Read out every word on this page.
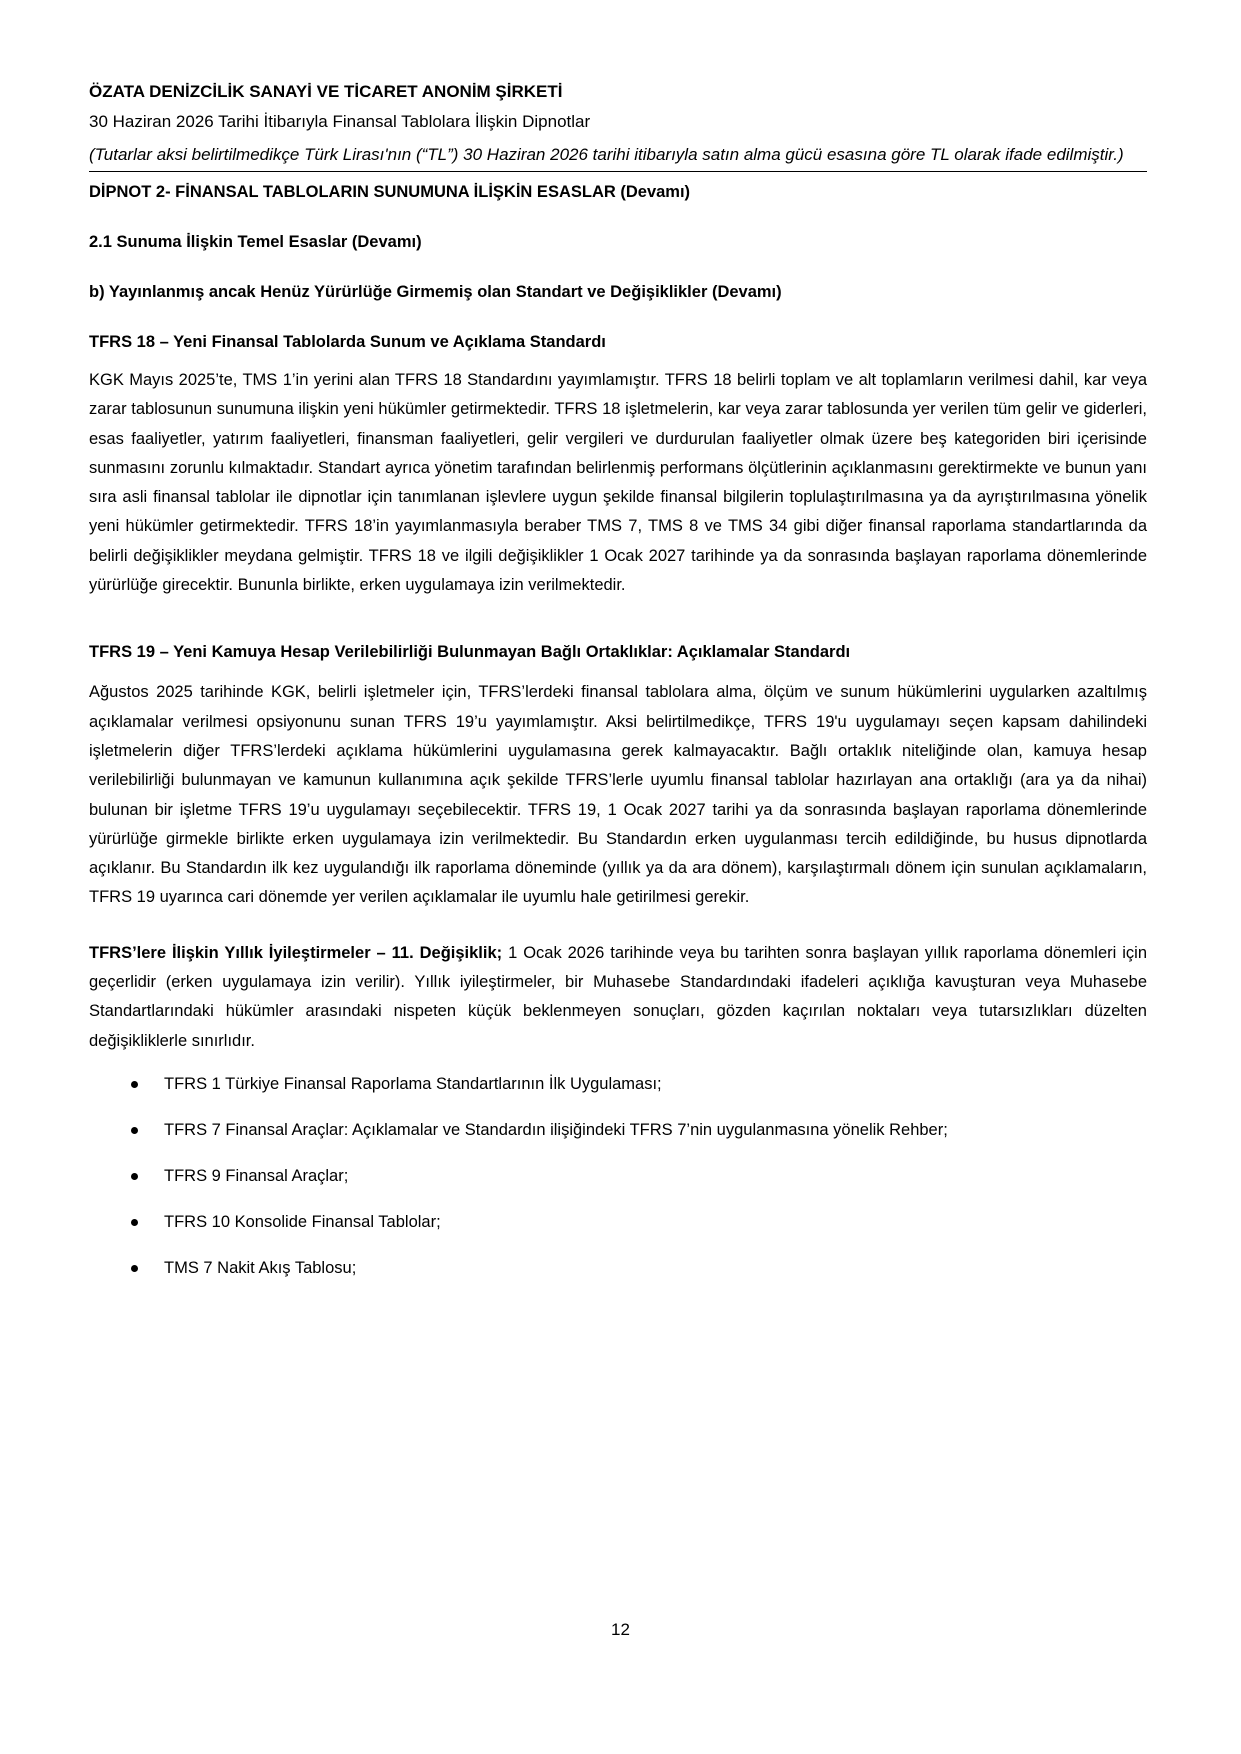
ÖZATA DENİZCİLİK SANAYİ VE TİCARET ANONİM ŞİRKETİ
30 Haziran 2026 Tarihi İtibarıyla Finansal Tablolara İlişkin Dipnotlar
(Tutarlar aksi belirtilmedikçe Türk Lirası'nın (“TL”) 30 Haziran 2026 tarihi itibarıyla satın alma gücü esasına göre TL olarak ifade edilmiştir.)
DİPNOT 2- FİNANSAL TABLOLARIN SUNUMUNA İLİŞKİN ESASLAR (Devamı)
2.1 Sunuma İlişkin Temel Esaslar (Devamı)
b) Yayınlanmış ancak Henüz Yürürlüğe Girmemiş olan Standart ve Değişiklikler (Devamı)
TFRS 18 – Yeni Finansal Tablolarda Sunum ve Açıklama Standardı
KGK Mayıs 2025’te, TMS 1’in yerini alan TFRS 18 Standardını yayımlamıştır. TFRS 18 belirli toplam ve alt toplamların verilmesi dahil, kar veya zarar tablosunun sunumuna ilişkin yeni hükümler getirmektedir. TFRS 18 işletmelerin, kar veya zarar tablosunda yer verilen tüm gelir ve giderleri, esas faaliyetler, yatırım faaliyetleri, finansman faaliyetleri, gelir vergileri ve durdurulan faaliyetler olmak üzere beş kategoriden biri içerisinde sunmasını zorunlu kılmaktadır. Standart ayrıca yönetim tarafından belirlenmiş performans ölçütlerinin açıklanmasını gerektirmekte ve bunun yanı sıra asli finansal tablolar ile dipnotlar için tanımlanan işlevlere uygun şekilde finansal bilgilerin toplulaştırılmasına ya da ayrıştırılmasına yönelik yeni hükümler getirmektedir. TFRS 18’in yayımlanmasıyla beraber TMS 7, TMS 8 ve TMS 34 gibi diğer finansal raporlama standartlarında da belirli değişiklikler meydana gelmiştir. TFRS 18 ve ilgili değişiklikler 1 Ocak 2027 tarihinde ya da sonrasında başlayan raporlama dönemlerinde yürürlüğe girecektir. Bununla birlikte, erken uygulamaya izin verilmektedir.
TFRS 19 – Yeni Kamuya Hesap Verilebilirliği Bulunmayan Bağlı Ortaklıklar: Açıklamalar Standardı
Ağustos 2025 tarihinde KGK, belirli işletmeler için, TFRS’lerdeki finansal tablolara alma, ölçüm ve sunum hükümlerini uygularken azaltılmış açıklamalar verilmesi opsiyonunu sunan TFRS 19’u yayımlamıştır. Aksi belirtilmedikçe, TFRS 19'u uygulamayı seçen kapsam dahilindeki işletmelerin diğer TFRS’lerdeki açıklama hükümlerini uygulamasına gerek kalmayacaktır. Bağlı ortaklık niteliğinde olan, kamuya hesap verilebilirliği bulunmayan ve kamunun kullanımına açık şekilde TFRS’lerle uyumlu finansal tablolar hazırlayan ana ortaklığı (ara ya da nihai) bulunan bir işletme TFRS 19’u uygulamayı seçebilecektir. TFRS 19, 1 Ocak 2027 tarihi ya da sonrasında başlayan raporlama dönemlerinde yürürlüğe girmekle birlikte erken uygulamaya izin verilmektedir. Bu Standardın erken uygulanması tercih edildiğinde, bu husus dipnotlarda açıklanır. Bu Standardın ilk kez uygulandığı ilk raporlama döneminde (yıllık ya da ara dönem), karşılaştırmalı dönem için sunulan açıklamaların, TFRS 19 uyarınca cari dönemde yer verilen açıklamalar ile uyumlu hale getirilmesi gerekir.
TFRS’lere İlişkin Yıllık İyileştirmeler – 11. Değişiklik; 1 Ocak 2026 tarihinde veya bu tarihten sonra başlayan yıllık raporlama dönemleri için geçerlidir (erken uygulamaya izin verilir). Yıllık iyileştirmeler, bir Muhasebe Standardındaki ifadeleri açıklığa kavuşturan veya Muhasebe Standartlarındaki hükümler arasındaki nispeten küçük beklenmeyen sonuçları, gözden kaçırılan noktaları veya tutarsızlıkları düzelten değişikliklerle sınırlıdır.
TFRS 1 Türkiye Finansal Raporlama Standartlarının İlk Uygulaması;
TFRS 7 Finansal Araçlar: Açıklamalar ve Standardın ilişiğindeki TFRS 7’nin uygulanmasına yönelik Rehber;
TFRS 9 Finansal Araçlar;
TFRS 10 Konsolide Finansal Tablolar;
TMS 7 Nakit Akış Tablosu;
12
